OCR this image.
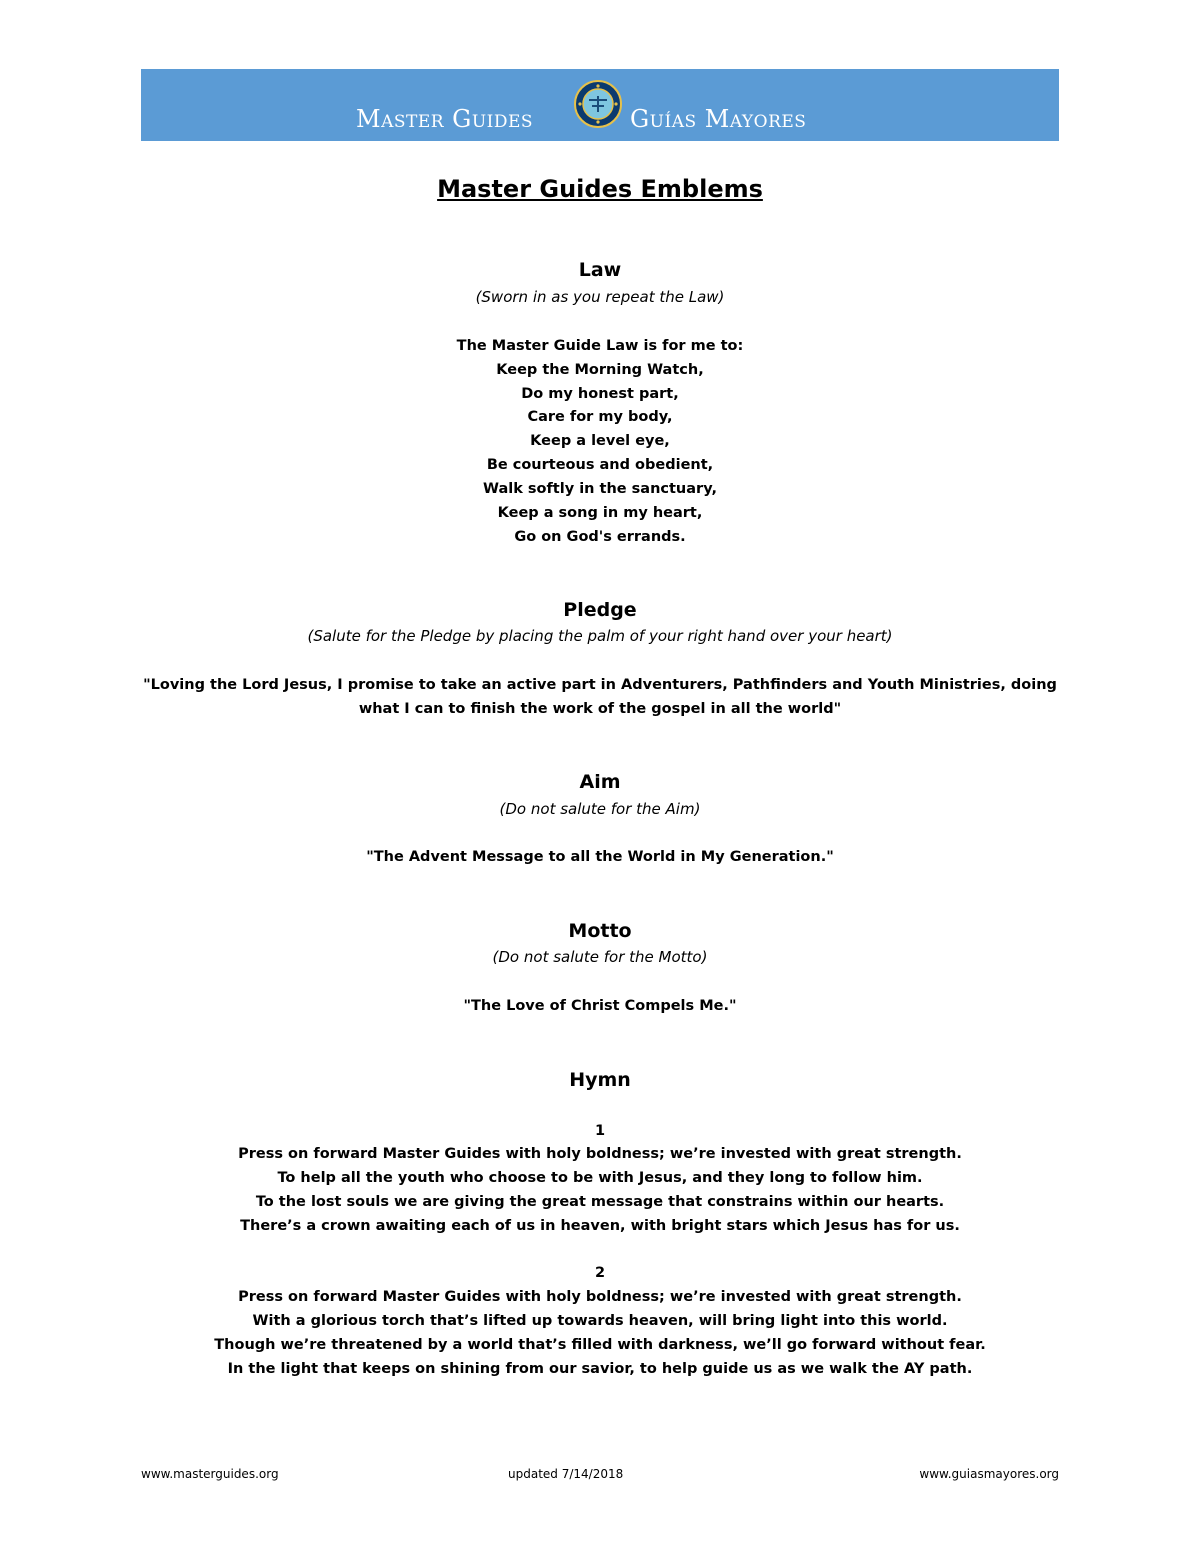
Master Guides	Guías Mayores
Master Guides Emblems
Law
(Sworn in as you repeat the Law)
The Master Guide Law is for me to:
Keep the Morning Watch,
Do my honest part,
Care for my body,
Keep a level eye,
Be courteous and obedient,
Walk softly in the sanctuary,
Keep a song in my heart,
Go on God's errands.
Pledge
(Salute for the Pledge by placing the palm of your right hand over your heart)
"Loving the Lord Jesus, I promise to take an active part in Adventurers, Pathfinders and Youth Ministries, doing
what I can to finish the work of the gospel in all the world"
Aim
(Do not salute for the Aim)
"The Advent Message to all the World in My Generation."
Motto
(Do not salute for the Motto)
"The Love of Christ Compels Me."
Hymn
1
Press on forward Master Guides with holy boldness; we’re invested with great strength.
To help all the youth who choose to be with Jesus, and they long to follow him.
To the lost souls we are giving the great message that constrains within our hearts.
There’s a crown awaiting each of us in heaven, with bright stars which Jesus has for us.
2
Press on forward Master Guides with holy boldness; we’re invested with great strength.
With a glorious torch that’s lifted up towards heaven, will bring light into this world.
Though we’re threatened by a world that’s filled with darkness, we’ll go forward without fear.
In the light that keeps on shining from our savior, to help guide us as we walk the AY path.
www.masterguides.org	updated 7/14/2018	www.guiasmayores.org
